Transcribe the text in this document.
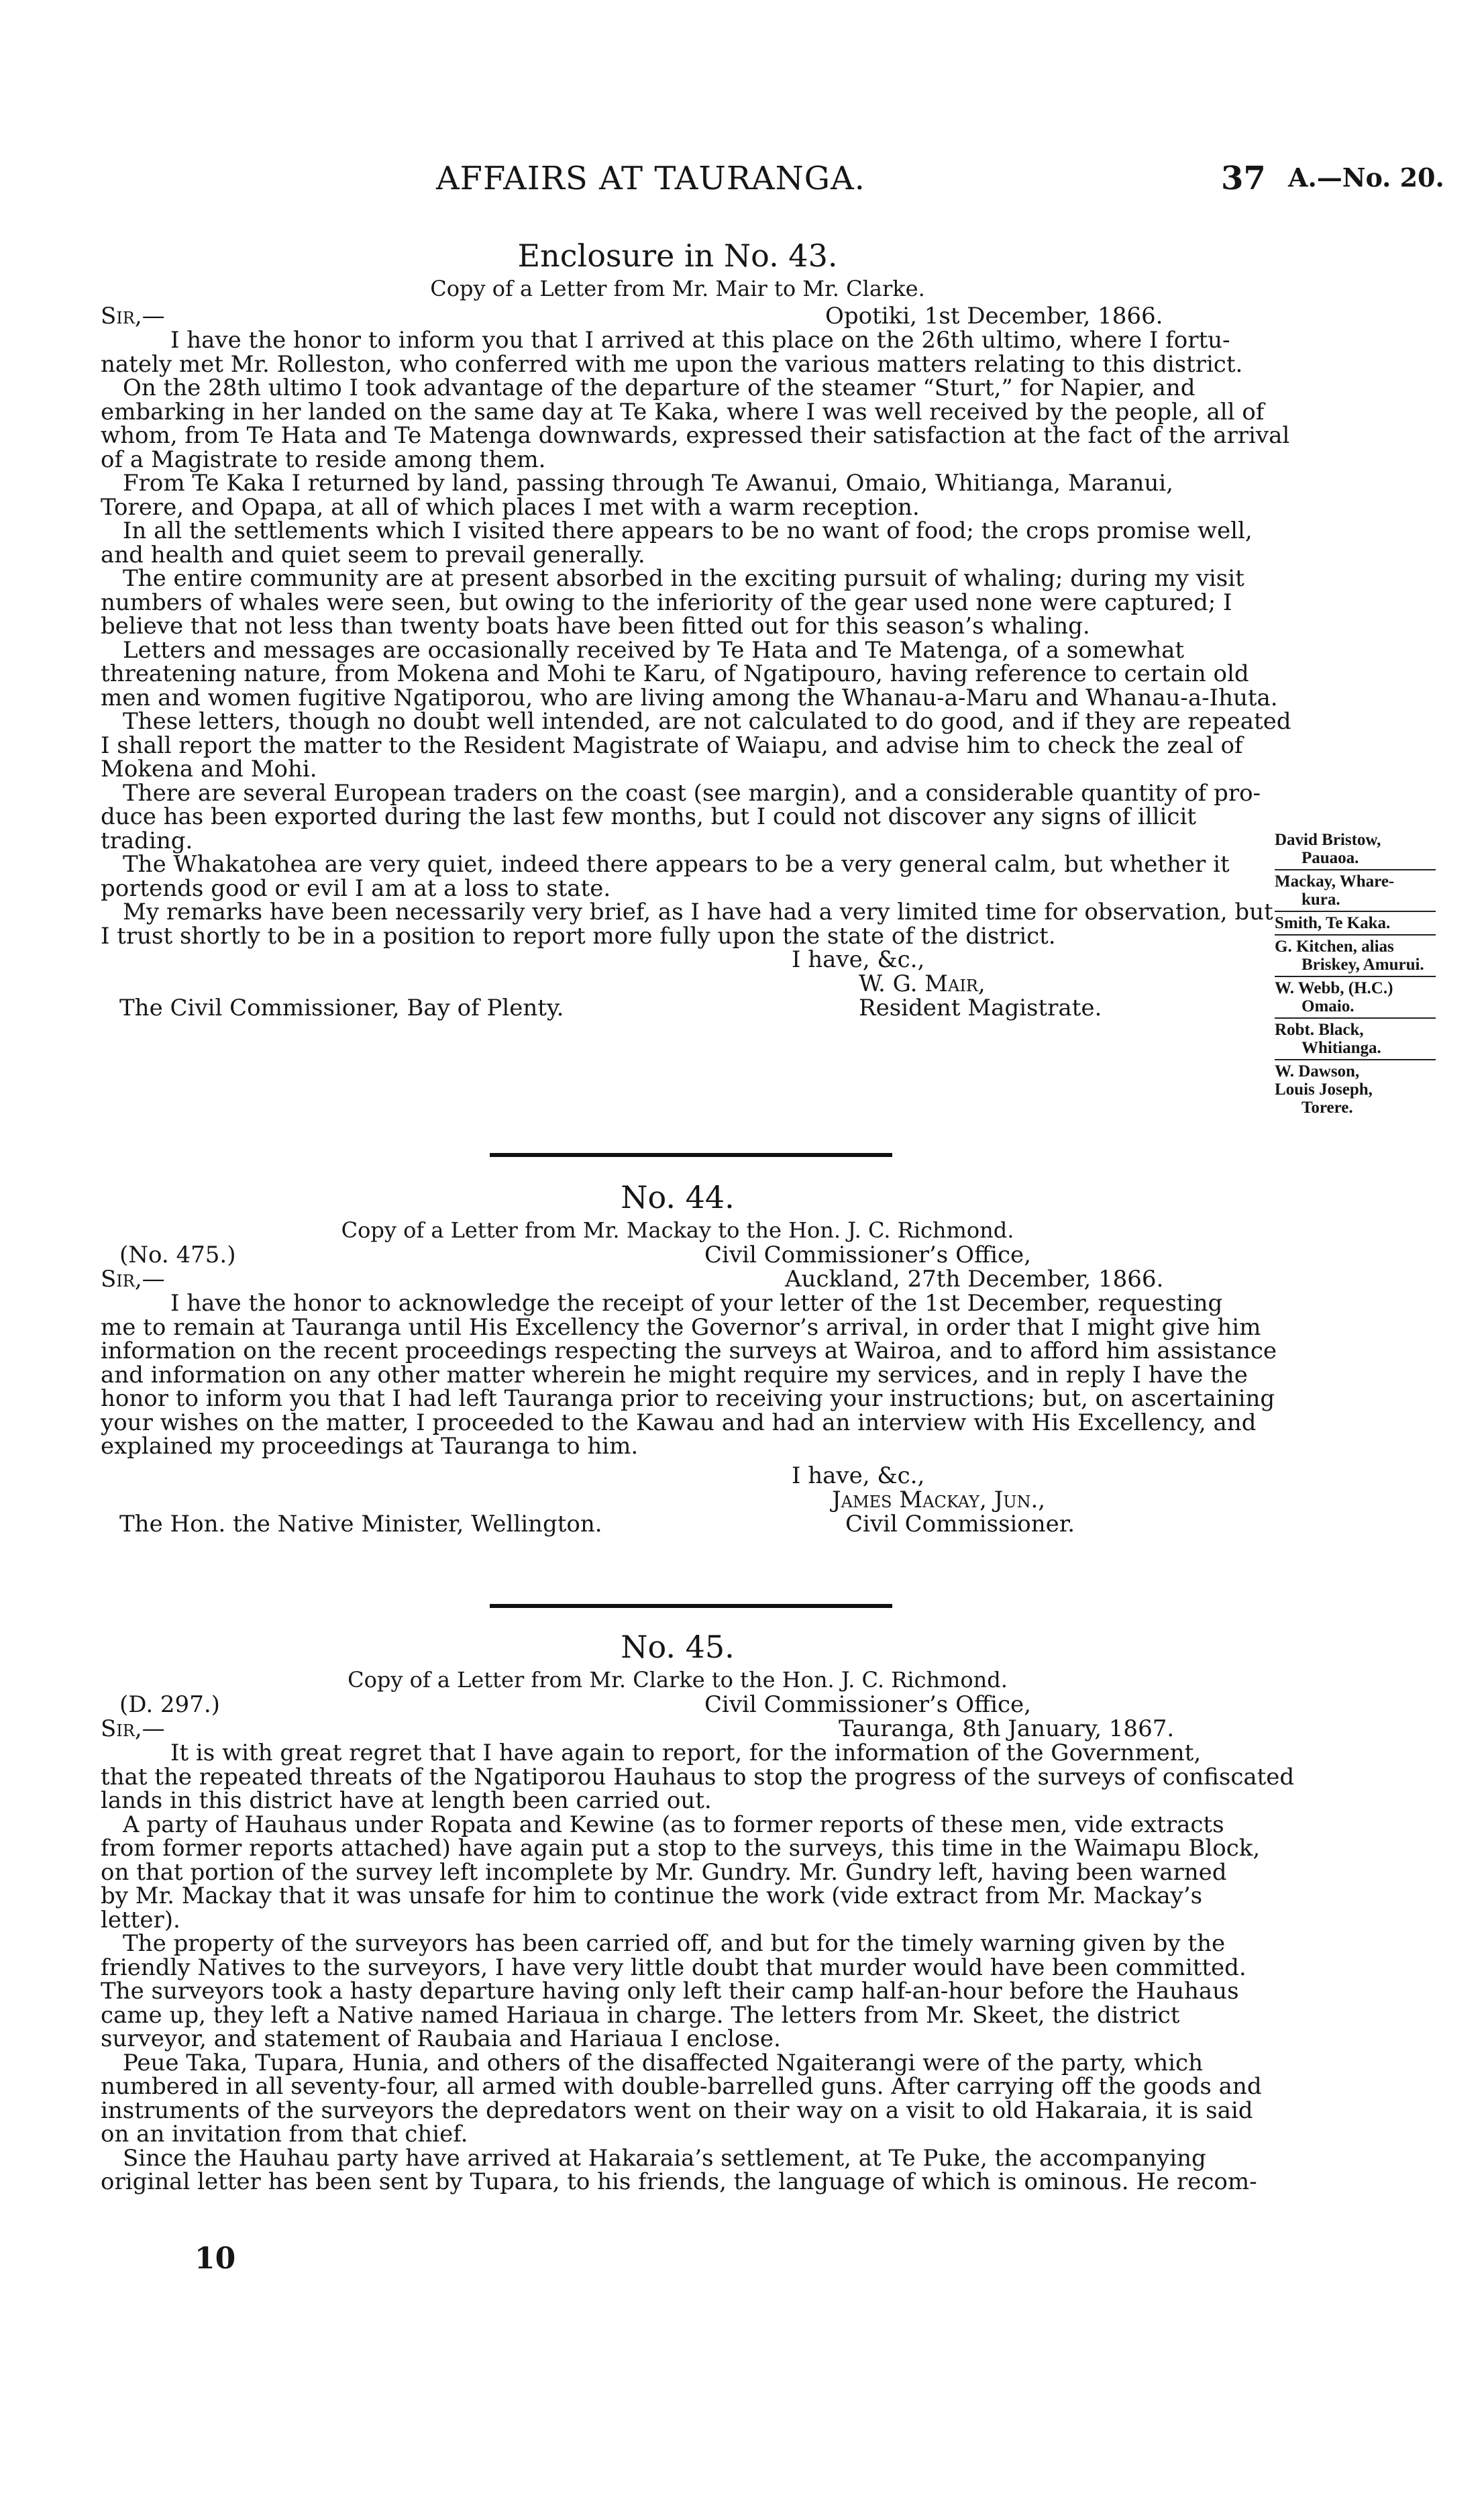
AFFAIRS AT TAURANGA.	37 A.—No. 20.
Enclosure in No. 43.
Copy of a Letter from Mr. Mair to Mr. Clarke.
Sir,—	Opotiki, 1st December, 1866.
I have the honor to inform you that I arrived at this place on the 26th ultimo, where I fortu-
nately met Mr. Rolleston, who conferred with me upon the various matters relating to this district.
On the 28th ultimo I took advantage of the departure of the steamer “Sturt,” for Napier, and
embarking in her landed on the same day at Te Kaka, where I was well received by the people, all of
whom, from Te Hata and Te Matenga downwards, expressed their satisfaction at the fact of the arrival
of a Magistrate to reside among them.
From Te Kaka I returned by land, passing through Te Awanui, Omaio, Whitianga, Maranui,
Torere, and Opapa, at all of which places I met with a warm reception.
In all the settlements which I visited there appears to be no want of food; the crops promise well,
and health and quiet seem to prevail generally.
The entire community are at present absorbed in the exciting pursuit of whaling; during my visit
numbers of whales were seen, but owing to the inferiority of the gear used none were captured; I
believe that not less than twenty boats have been fitted out for this season’s whaling.
Letters and messages are occasionally received by Te Hata and Te Matenga, of a somewhat
threatening nature, from Mokena and Mohi te Karu, of Ngatipouro, having reference to certain old
men and women fugitive Ngatiporou, who are living among the Whanau-a-Maru and Whanau-a-Ihuta.
These letters, though no doubt well intended, are not calculated to do good, and if they are repeated
I shall report the matter to the Resident Magistrate of Waiapu, and advise him to check the zeal of
Mokena and Mohi.
There are several European traders on the coast (see margin), and a considerable quantity of pro-
duce has been exported during the last few months, but I could not discover any signs of illicit
trading.
The Whakatohea are very quiet, indeed there appears to be a very general calm, but whether it
portends good or evil I am at a loss to state.
My remarks have been necessarily very brief, as I have had a very limited time for observation, but
I trust shortly to be in a position to report more fully upon the state of the district.
I have, &c.,
W. G. Mair,
The Civil Commissioner, Bay of Plenty.	Resident Magistrate.
David Bristow,
Pauaoa.
Mackay, Whare-
kura.
Smith, Te Kaka.
G. Kitchen, alias
Briskey, Amurui.
W. Webb, (H.C.)
Omaio.
Robt. Black,
Whitianga.
W. Dawson,
Louis Joseph,
Torere.
No. 44.
Copy of a Letter from Mr. Mackay to the Hon. J. C. Richmond.
(No. 475.)	Civil Commissioner’s Office,
Sir,—	Auckland, 27th December, 1866.
I have the honor to acknowledge the receipt of your letter of the 1st December, requesting
me to remain at Tauranga until His Excellency the Governor’s arrival, in order that I might give him
information on the recent proceedings respecting the surveys at Wairoa, and to afford him assistance
and information on any other matter wherein he might require my services, and in reply I have the
honor to inform you that I had left Tauranga prior to receiving your instructions; but, on ascertaining
your wishes on the matter, I proceeded to the Kawau and had an interview with His Excellency, and
explained my proceedings at Tauranga to him.
I have, &c.,
James Mackay, Jun.,
The Hon. the Native Minister, Wellington.	Civil Commissioner.
No. 45.
Copy of a Letter from Mr. Clarke to the Hon. J. C. Richmond.
(D. 297.)	Civil Commissioner’s Office,
Sir,—	Tauranga, 8th January, 1867.
It is with great regret that I have again to report, for the information of the Government,
that the repeated threats of the Ngatiporou Hauhaus to stop the progress of the surveys of confiscated
lands in this district have at length been carried out.
A party of Hauhaus under Ropata and Kewine (as to former reports of these men, vide extracts
from former reports attached) have again put a stop to the surveys, this time in the Waimapu Block,
on that portion of the survey left incomplete by Mr. Gundry. Mr. Gundry left, having been warned
by Mr. Mackay that it was unsafe for him to continue the work (vide extract from Mr. Mackay’s
letter).
The property of the surveyors has been carried off, and but for the timely warning given by the
friendly Natives to the surveyors, I have very little doubt that murder would have been committed.
The surveyors took a hasty departure having only left their camp half-an-hour before the Hauhaus
came up, they left a Native named Hariaua in charge. The letters from Mr. Skeet, the district
surveyor, and statement of Raubaia and Hariaua I enclose.
Peue Taka, Tupara, Hunia, and others of the disaffected Ngaiterangi were of the party, which
numbered in all seventy-four, all armed with double-barrelled guns. After carrying off the goods and
instruments of the surveyors the depredators went on their way on a visit to old Hakaraia, it is said
on an invitation from that chief.
Since the Hauhau party have arrived at Hakaraia’s settlement, at Te Puke, the accompanying
original letter has been sent by Tupara, to his friends, the language of which is ominous. He recom-
10
